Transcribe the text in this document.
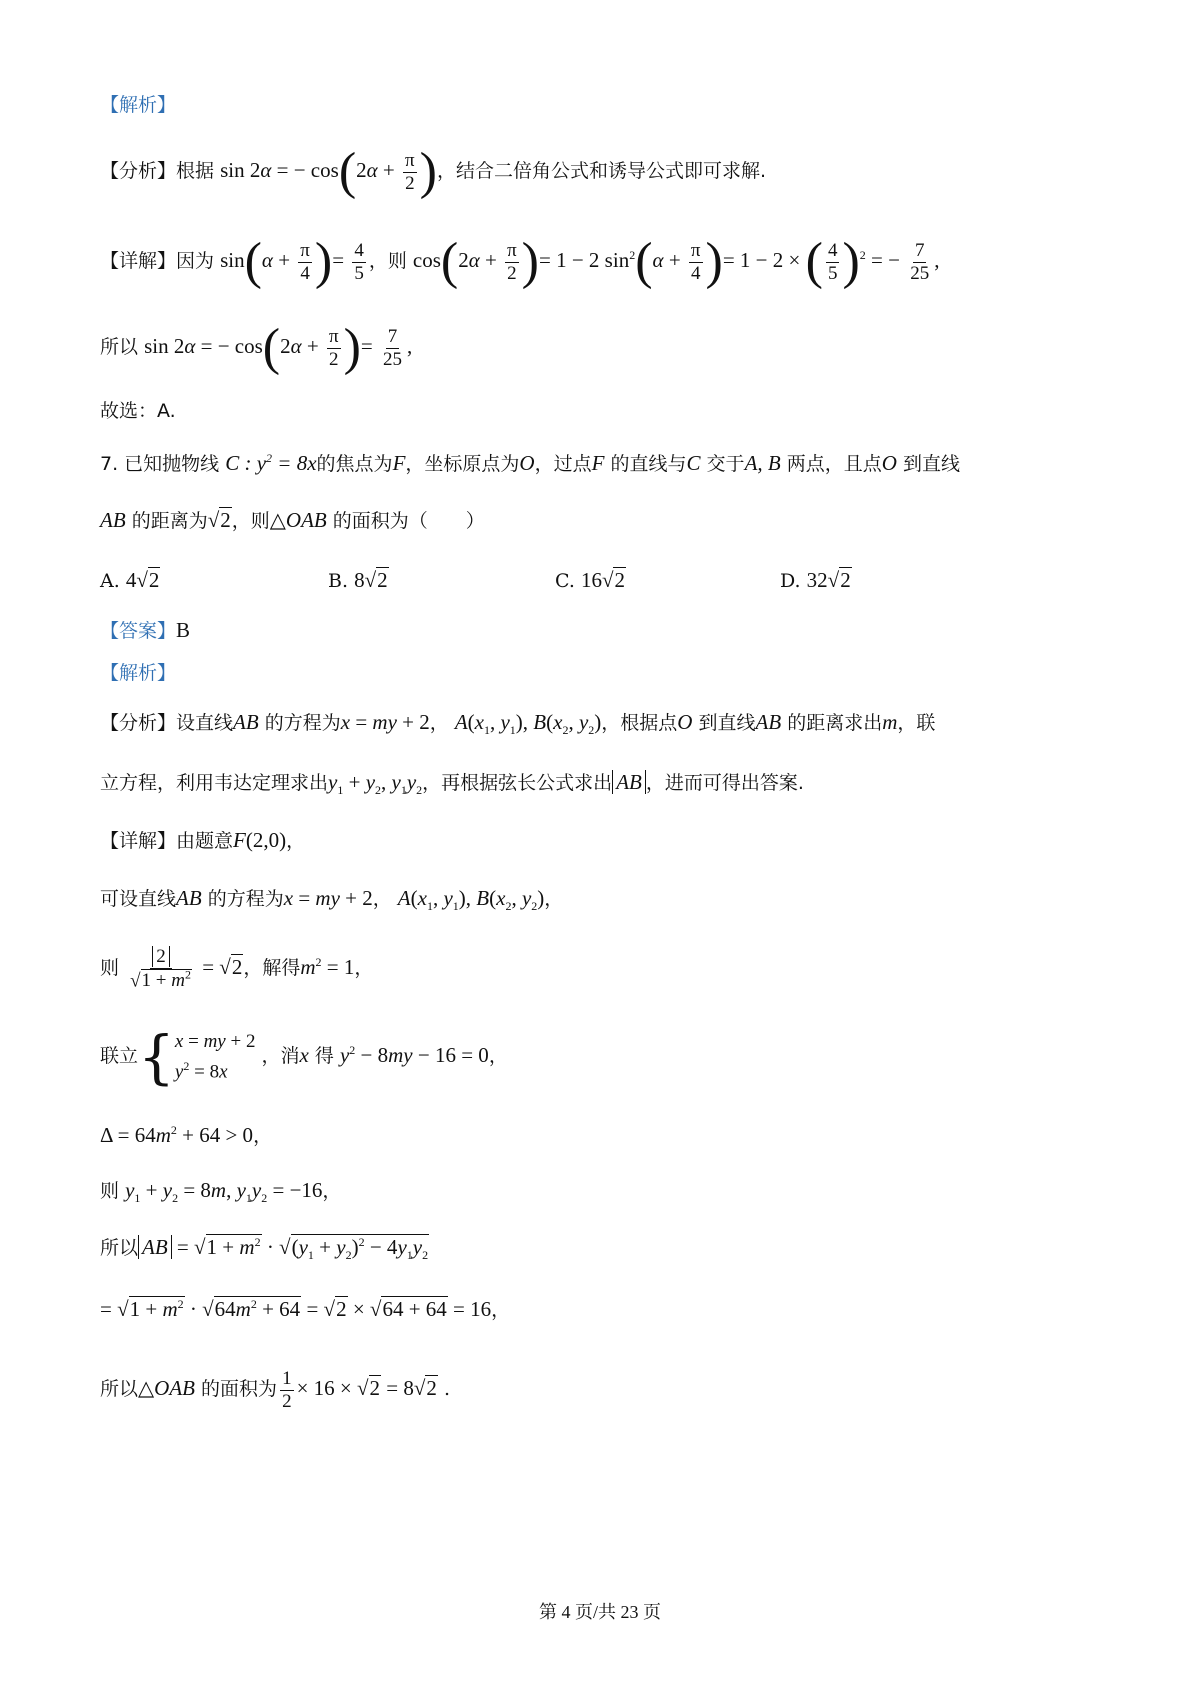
【解析】
【分析】根据 sin 2α = − $\cos(2\alpha + \frac{\pi}{2}$ )，结合二倍角公式和诱导公式即可求解.
【详解】因为 $\sin(\alpha + \frac{\pi}{4}$ )= $\frac{4}{5}$ ，则 $\cos(2\alpha + \frac{\pi}{2}$ )= 1 − 2 $\sin^2(\alpha + \frac{\pi}{4}$ )= 1 − 2 × ( $\frac{4}{5} )^2$ = − $\frac{7}{25}$ ,
所以 sin 2α = − $\cos(2\alpha + \frac{\pi}{2}$ )= $\frac{7}{25}$ ,
故选：A.
7. 已知抛物线 C : $y^2 = 8x$的焦点为F，坐标原点为O，过点F 的直线与C 交于A, B 两点，且点O 到直线
AB 的距离为√2，则△OAB 的面积为（　　）
A. 4√2	B. 8√2	C. 16√2	D. 32√2
【答案】B
【解析】
【分析】设直线AB 的方程为x = my + 2， $A(x_1$, $y_1$), $B(x_2$, $y_2$)，根据点O 到直线AB 的距离求出m，联
立方程，利用韦达定理求出$y_1 + y_2$, $y_1y_2$，再根据弦长公式求出 AB ，进而可得出答案.
【详解】由题意F(2,0)，
可设直线AB 的方程为x = my + 2， $A(x_1$, $y_1$), $B(x_2$, $y_2$)，
则 $\frac{2}{√1 + m^2} = √2$，解得$m^2 = 1$，
联立{ x = my + 2
$y^2 = 8x$
，消x 得 $y^2 - 8my - 16 = 0$，
$\Delta = 64m^2 + 64 > 0$，
则 $y_1 + y_2 = 8m$, $y_1y_2 = -16$，
所以 AB = $√1 + m^2 \cdot √(y_1 + y_2)^2 - 4y_1y_2$
= $√1 + m^2 \cdot √64m^2 + 64 = √2 \times √64 + 64 = 16$，
所以△OAB 的面积为 $\frac{1}{2} \times 16 \times √2 = 8√2$ .
第 4 页/共 23 页
